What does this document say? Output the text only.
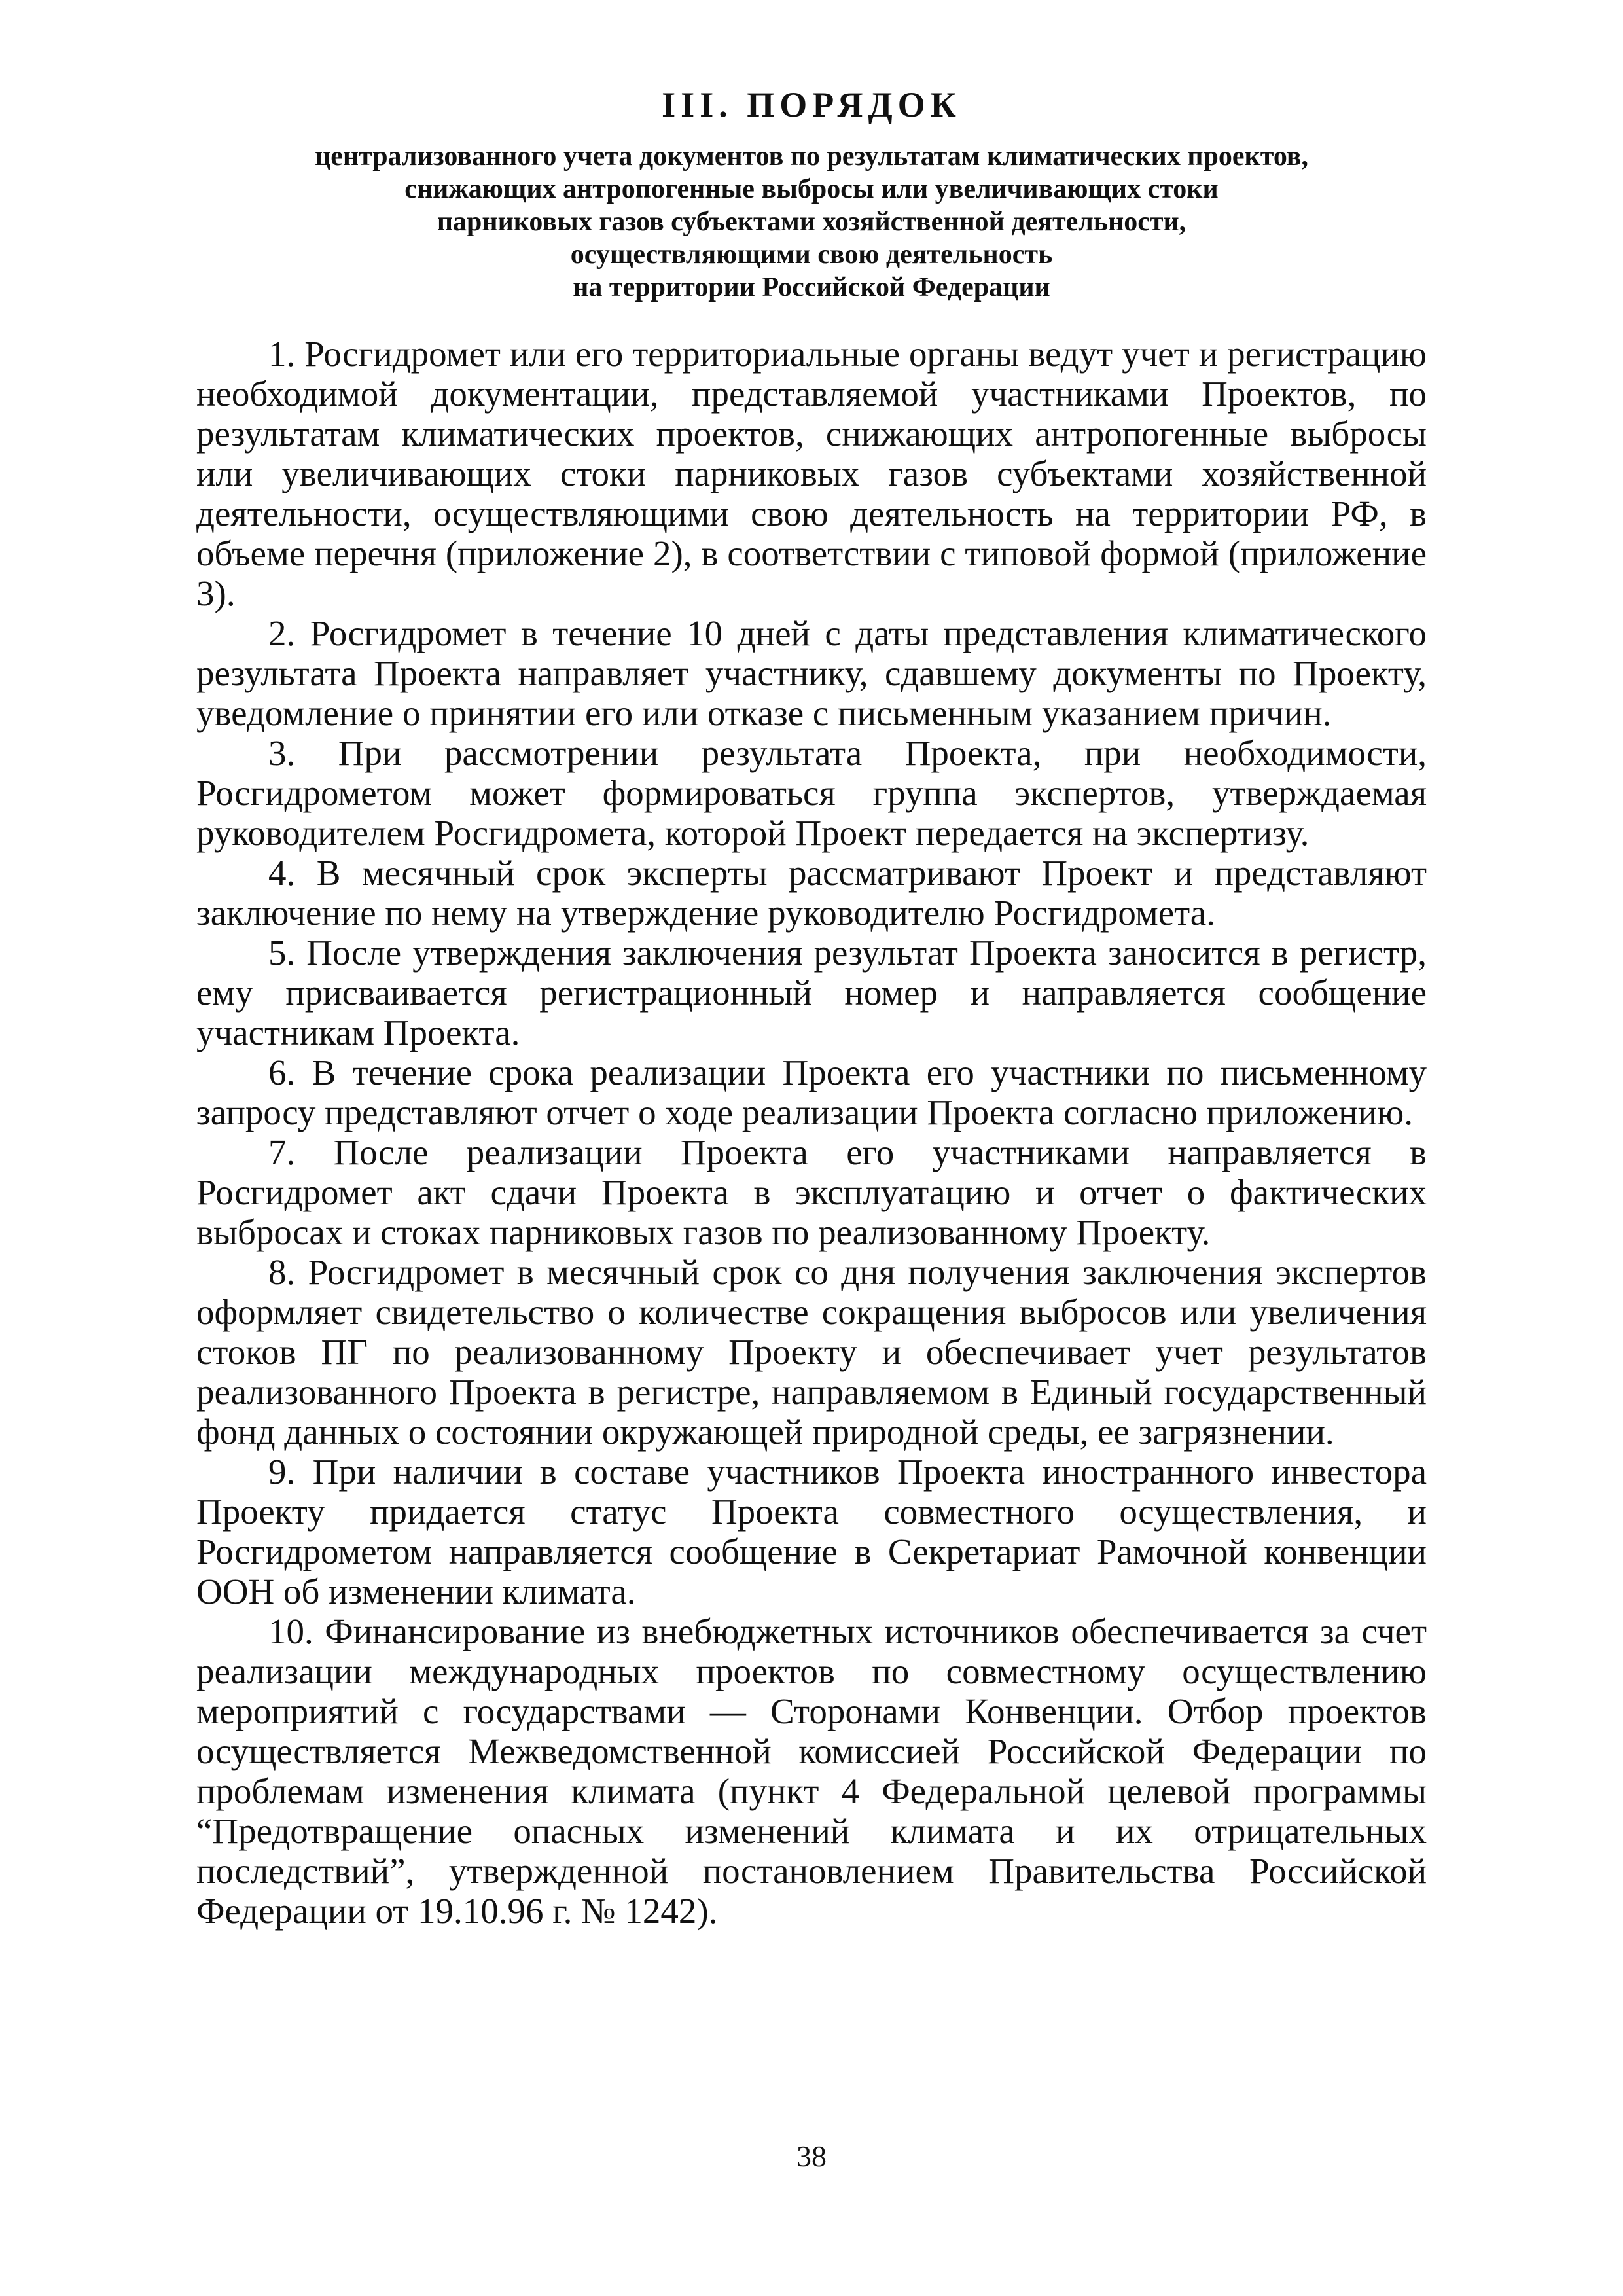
III. ПОРЯДОК

централизованного учета документов по результатам климатических проектов,

снижающих антропогенные выбросы или увеличивающих стоки

парниковых газов субъектами хозяйственной деятельности,

осуществляющими свою деятельность

на территории Российской Федерации

1. Росгидромет или его территориальные органы ведут учет и регистрацию необходимой документации, представляемой участниками Проектов, по результатам климатических проектов, снижающих антропогенные выбросы или увеличивающих стоки парниковых газов субъектами хозяйственной деятельности, осуществляющими свою деятельность на территории РФ, в объеме перечня (приложение 2), в соответствии с типовой формой (приложение 3).

2. Росгидромет в течение 10 дней с даты представления климатического результата Проекта направляет участнику, сдавшему документы по Проекту, уведомление о принятии его или отказе с письменным указанием причин.

3. При рассмотрении результата Проекта, при необходимости, Росгидрометом может формироваться группа экспертов, утверждаемая руководителем Росгидромета, которой Проект передается на экспертизу.

4. В месячный срок эксперты рассматривают Проект и представляют заключение по нему на утверждение руководителю Росгидромета.

5. После утверждения заключения результат Проекта заносится в регистр, ему присваивается регистрационный номер и направляется сообщение участникам Проекта.

6. В течение срока реализации Проекта его участники по письменному запросу представляют отчет о ходе реализации Проекта согласно приложению.

7. После реализации Проекта его участниками направляется в Росгидромет акт сдачи Проекта в эксплуатацию и отчет о фактических выбросах и стоках парниковых газов по реализованному Проекту.

8. Росгидромет в месячный срок со дня получения заключения экспертов оформляет свидетельство о количестве сокращения выбросов или увеличения стоков ПГ по реализованному Проекту и обеспечивает учет результатов реализованного Проекта в регистре, направляемом в Единый государственный фонд данных о состоянии окружающей природной среды, ее загрязнении.

9. При наличии в составе участников Проекта иностранного инвестора Проекту придается статус Проекта совместного осуществления, и Росгидрометом направляется сообщение в Секретариат Рамочной конвенции ООН об изменении климата.

10. Финансирование из внебюджетных источников обеспечивается за счет реализации международных проектов по совместному осуществлению мероприятий с государствами — Сторонами Конвенции. Отбор проектов осуществляется Межведомственной комиссией Российской Федерации по проблемам изменения климата (пункт 4 Федеральной целевой программы “Предотвращение опасных изменений климата и их отрицательных последствий”, утвержденной постановлением Правительства Российской Федерации от 19.10.96 г. № 1242).

38
